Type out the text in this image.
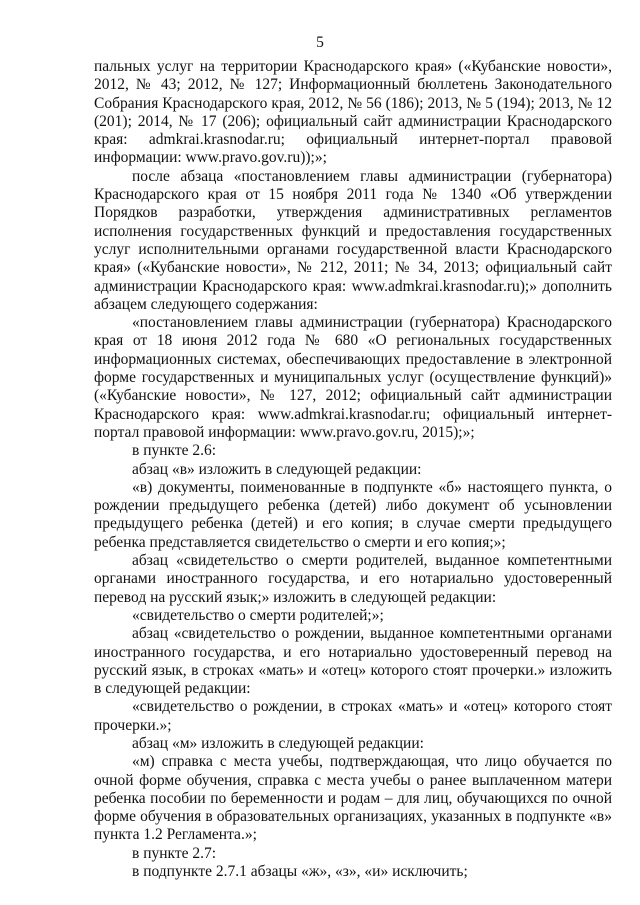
5

пальных услуг на территории Краснодарского края» («Кубанские новости», 2012, № 43; 2012, № 127; Информационный бюллетень Законодательного Собрания Краснодарского края, 2012, № 56 (186); 2013, № 5 (194); 2013, № 12 (201); 2014, № 17 (206); официальный сайт администрации Краснодарского края: admkrai.krasnodar.ru; официальный интернет-портал правовой информации: www.pravo.gov.ru));»;

после абзаца «постановлением главы администрации (губернатора) Краснодарского края от 15 ноября 2011 года № 1340 «Об утверждении Порядков разработки, утверждения административных регламентов исполнения государственных функций и предоставления государственных услуг исполнительными органами государственной власти Краснодарского края» («Кубанские новости», № 212, 2011; № 34, 2013; официальный сайт администрации Краснодарского края: www.admkrai.krasnodar.ru);» дополнить абзацем следующего содержания:

«постановлением главы администрации (губернатора) Краснодарского края от 18 июня 2012 года № 680 «О региональных государственных информационных системах, обеспечивающих предоставление в электронной форме государственных и муниципальных услуг (осуществление функций)» («Кубанские новости», № 127, 2012; официальный сайт администрации Краснодарского края: www.admkrai.krasnodar.ru; официальный интернет-портал правовой информации: www.pravo.gov.ru, 2015);»;

в пункте 2.6:

абзац «в» изложить в следующей редакции:

«в) документы, поименованные в подпункте «б» настоящего пункта, о рождении предыдущего ребенка (детей) либо документ об усыновлении предыдущего ребенка (детей) и его копия; в случае смерти предыдущего ребенка представляется свидетельство о смерти и его копия;»;

абзац «свидетельство о смерти родителей, выданное компетентными органами иностранного государства, и его нотариально удостоверенный перевод на русский язык;» изложить в следующей редакции:

«свидетельство о смерти родителей;»;

абзац «свидетельство о рождении, выданное компетентными органами иностранного государства, и его нотариально удостоверенный перевод на русский язык, в строках «мать» и «отец» которого стоят прочерки.» изложить в следующей редакции:

«свидетельство о рождении, в строках «мать» и «отец» которого стоят прочерки.»;

абзац «м» изложить в следующей редакции:

«м) справка с места учебы, подтверждающая, что лицо обучается по очной форме обучения, справка с места учебы о ранее выплаченном матери ребенка пособии по беременности и родам – для лиц, обучающихся по очной форме обучения в образовательных организациях, указанных в подпункте «в» пункта 1.2 Регламента.»;

в пункте 2.7:

в подпункте 2.7.1 абзацы «ж», «з», «и» исключить;
